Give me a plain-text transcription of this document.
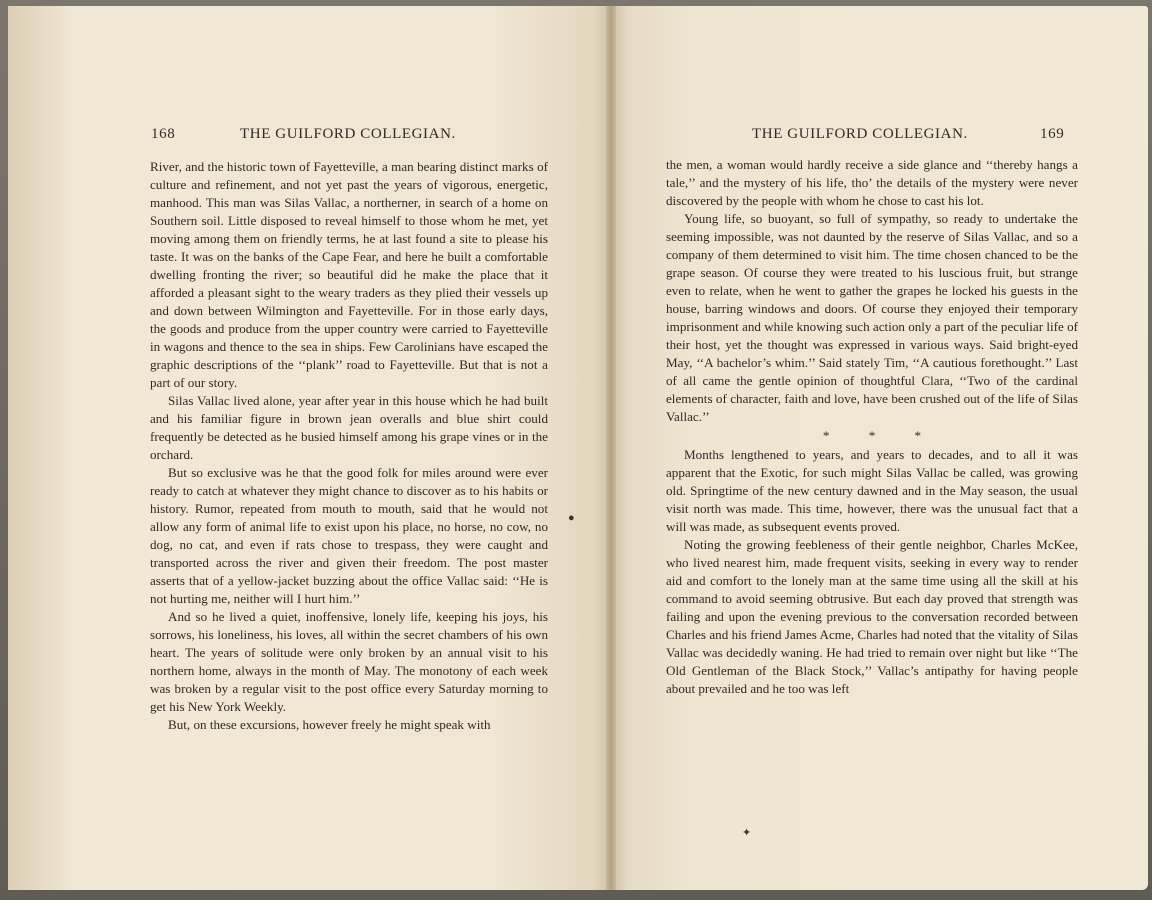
168	THE GUILFORD COLLEGIAN.

River, and the historic town of Fayetteville, a man bearing distinct marks of culture and refinement, and not yet past the years of vigorous, energetic, manhood. This man was Silas Vallac, a northerner, in search of a home on Southern soil. Little disposed to reveal himself to those whom he met, yet moving among them on friendly terms, he at last found a site to please his taste. It was on the banks of the Cape Fear, and here he built a comfortable dwelling fronting the river; so beautiful did he make the place that it afforded a pleasant sight to the weary traders as they plied their vessels up and down between Wilmington and Fayetteville. For in those early days, the goods and produce from the upper country were carried to Fayetteville in wagons and thence to the sea in ships. Few Carolinians have escaped the graphic descriptions of the ‘‘plank’’ road to Fayetteville. But that is not a part of our story.

Silas Vallac lived alone, year after year in this house which he had built and his familiar figure in brown jean overalls and blue shirt could frequently be detected as he busied himself among his grape vines or in the orchard.

But so exclusive was he that the good folk for miles around were ever ready to catch at whatever they might chance to discover as to his habits or history. Rumor, repeated from mouth to mouth, said that he would not allow any form of animal life to exist upon his place, no horse, no cow, no dog, no cat, and even if rats chose to trespass, they were caught and transported across the river and given their freedom. The post master asserts that of a yellow-jacket buzzing about the office Vallac said: ‘‘He is not hurting me, neither will I hurt him.’’

And so he lived a quiet, inoffensive, lonely life, keeping his joys, his sorrows, his loneliness, his loves, all within the secret chambers of his own heart. The years of solitude were only broken by an annual visit to his northern home, always in the month of May. The monotony of each week was broken by a regular visit to the post office every Saturday morning to get his New York Weekly.

But, on these excursions, however freely he might speak with

THE GUILFORD COLLEGIAN.	169

the men, a woman would hardly receive a side glance and ‘‘thereby hangs a tale,’’ and the mystery of his life, tho’ the details of the mystery were never discovered by the people with whom he chose to cast his lot.

Young life, so buoyant, so full of sympathy, so ready to undertake the seeming impossible, was not daunted by the reserve of Silas Vallac, and so a company of them determined to visit him. The time chosen chanced to be the grape season. Of course they were treated to his luscious fruit, but strange even to relate, when he went to gather the grapes he locked his guests in the house, barring windows and doors. Of course they enjoyed their temporary imprisonment and while knowing such action only a part of the peculiar life of their host, yet the thought was expressed in various ways. Said bright-eyed May, ‘‘A bachelor’s whim.’’ Said stately Tim, ‘‘A cautious forethought.’’ Last of all came the gentle opinion of thoughtful Clara, ‘‘Two of the cardinal elements of character, faith and love, have been crushed out of the life of Silas Vallac.’’

* * *

Months lengthened to years, and years to decades, and to all it was apparent that the Exotic, for such might Silas Vallac be called, was growing old. Springtime of the new century dawned and in the May season, the usual visit north was made. This time, however, there was the unusual fact that a will was made, as subsequent events proved.

Noting the growing feebleness of their gentle neighbor, Charles McKee, who lived nearest him, made frequent visits, seeking in every way to render aid and comfort to the lonely man at the same time using all the skill at his command to avoid seeming obtrusive. But each day proved that strength was failing and upon the evening previous to the conversation recorded between Charles and his friend James Acme, Charles had noted that the vitality of Silas Vallac was decidedly waning. He had tried to remain over night but like ‘‘The Old Gentleman of the Black Stock,’’ Vallac’s antipathy for having people about prevailed and he too was left

●
✦
